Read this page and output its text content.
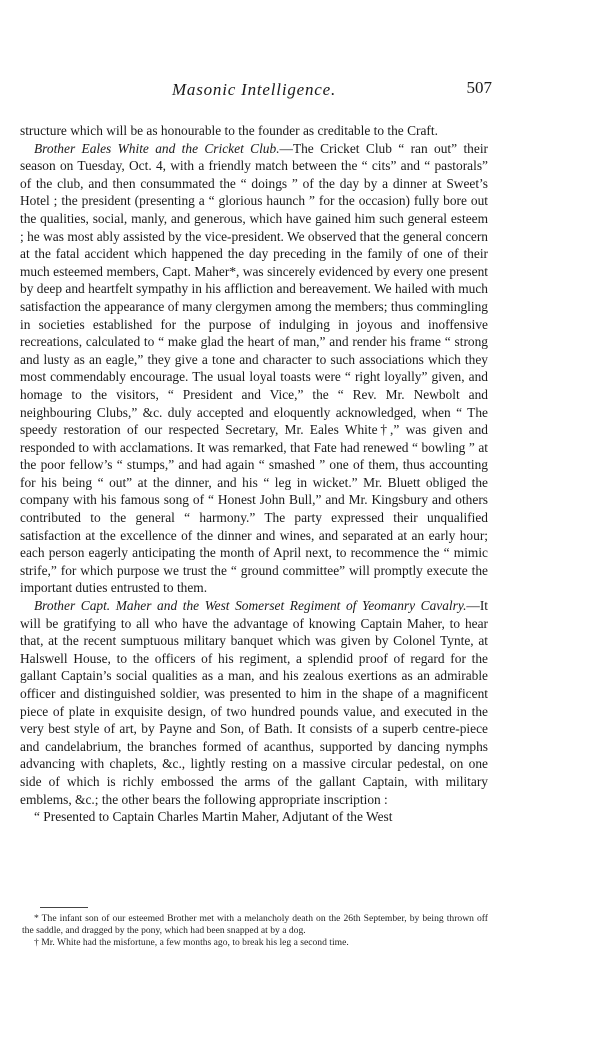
Masonic Intelligence.	507

structure which will be as honourable to the founder as creditable to the Craft.

Brother Eales White and the Cricket Club.—The Cricket Club “ ran out” their season on Tuesday, Oct. 4, with a friendly match between the “ cits” and “ pastorals” of the club, and then consummated the “ doings ” of the day by a dinner at Sweet’s Hotel ; the president (presenting a “ glorious haunch ” for the occasion) fully bore out the qualities, social, manly, and generous, which have gained him such general esteem ; he was most ably assisted by the vice-president. We observed that the general concern at the fatal accident which happened the day preceding in the family of one of their much esteemed members, Capt. Maher*, was sincerely evidenced by every one present by deep and heartfelt sympathy in his affliction and bereavement. We hailed with much satisfaction the appearance of many clergymen among the members; thus commingling in societies established for the purpose of indulging in joyous and inoffensive recreations, calculated to “ make glad the heart of man,” and render his frame “ strong and lusty as an eagle,” they give a tone and character to such associations which they most commendably encourage. The usual loyal toasts were “ right loyally” given, and homage to the visitors, “ President and Vice,” the “ Rev. Mr. Newbolt and neighbouring Clubs,” &c. duly accepted and eloquently acknowledged, when “ The speedy restoration of our respected Secretary, Mr. Eales White†,” was given and responded to with acclamations. It was remarked, that Fate had renewed “ bowling ” at the poor fellow’s “ stumps,” and had again “ smashed ” one of them, thus accounting for his being “ out” at the dinner, and his “ leg in wicket.” Mr. Bluett obliged the company with his famous song of “ Honest John Bull,” and Mr. Kingsbury and others contributed to the general “ harmony.” The party expressed their unqualified satisfaction at the excellence of the dinner and wines, and separated at an early hour; each person eagerly anticipating the month of April next, to recommence the “ mimic strife,” for which purpose we trust the “ ground committee” will promptly execute the important duties entrusted to them.

Brother Capt. Maher and the West Somerset Regiment of Yeomanry Cavalry.—It will be gratifying to all who have the advantage of knowing Captain Maher, to hear that, at the recent sumptuous military banquet which was given by Colonel Tynte, at Halswell House, to the officers of his regiment, a splendid proof of regard for the gallant Captain’s social qualities as a man, and his zealous exertions as an admirable officer and distinguished soldier, was presented to him in the shape of a magnificent piece of plate in exquisite design, of two hundred pounds value, and executed in the very best style of art, by Payne and Son, of Bath. It consists of a superb centre-piece and candelabrium, the branches formed of acanthus, supported by dancing nymphs advancing with chaplets, &c., lightly resting on a massive circular pedestal, on one side of which is richly embossed the arms of the gallant Captain, with military emblems, &c.; the other bears the following appropriate inscription :

“ Presented to Captain Charles Martin Maher, Adjutant of the West

* The infant son of our esteemed Brother met with a melancholy death on the 26th September, by being thrown off the saddle, and dragged by the pony, which had been snapped at by a dog.

† Mr. White had the misfortune, a few months ago, to break his leg a second time.
